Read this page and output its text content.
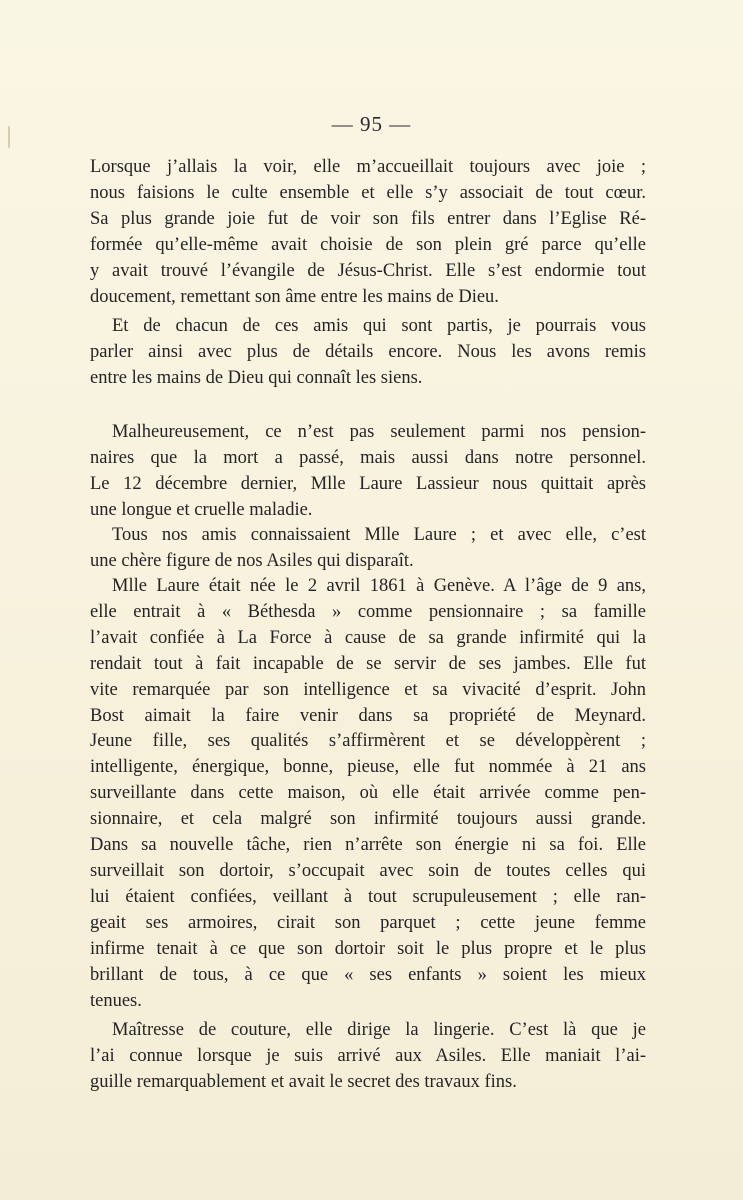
— 95 —
Lorsque j’allais la voir, elle m’accueillait toujours avec joie ;
nous faisions le culte ensemble et elle s’y associait de tout cœur.
Sa plus grande joie fut de voir son fils entrer dans l’Eglise Ré-
formée qu’elle-même avait choisie de son plein gré parce qu’elle
y avait trouvé l’évangile de Jésus-Christ. Elle s’est endormie tout
doucement, remettant son âme entre les mains de Dieu.
Et de chacun de ces amis qui sont partis, je pourrais vous
parler ainsi avec plus de détails encore. Nous les avons remis
entre les mains de Dieu qui connaît les siens.
Malheureusement, ce n’est pas seulement parmi nos pension-
naires que la mort a passé, mais aussi dans notre personnel.
Le 12 décembre dernier, Mlle Laure Lassieur nous quittait après
une longue et cruelle maladie.
Tous nos amis connaissaient Mlle Laure ; et avec elle, c’est
une chère figure de nos Asiles qui disparaît.
Mlle Laure était née le 2 avril 1861 à Genève. A l’âge de 9 ans,
elle entrait à « Béthesda » comme pensionnaire ; sa famille
l’avait confiée à La Force à cause de sa grande infirmité qui la
rendait tout à fait incapable de se servir de ses jambes. Elle fut
vite remarquée par son intelligence et sa vivacité d’esprit. John
Bost aimait la faire venir dans sa propriété de Meynard.
Jeune fille, ses qualités s’affirmèrent et se développèrent ;
intelligente, énergique, bonne, pieuse, elle fut nommée à 21 ans
surveillante dans cette maison, où elle était arrivée comme pen-
sionnaire, et cela malgré son infirmité toujours aussi grande.
Dans sa nouvelle tâche, rien n’arrête son énergie ni sa foi. Elle
surveillait son dortoir, s’occupait avec soin de toutes celles qui
lui étaient confiées, veillant à tout scrupuleusement ; elle ran-
geait ses armoires, cirait son parquet ; cette jeune femme
infirme tenait à ce que son dortoir soit le plus propre et le plus
brillant de tous, à ce que « ses enfants » soient les mieux
tenues.
Maîtresse de couture, elle dirige la lingerie. C’est là que je
l’ai connue lorsque je suis arrivé aux Asiles. Elle maniait l’ai-
guille remarquablement et avait le secret des travaux fins.
